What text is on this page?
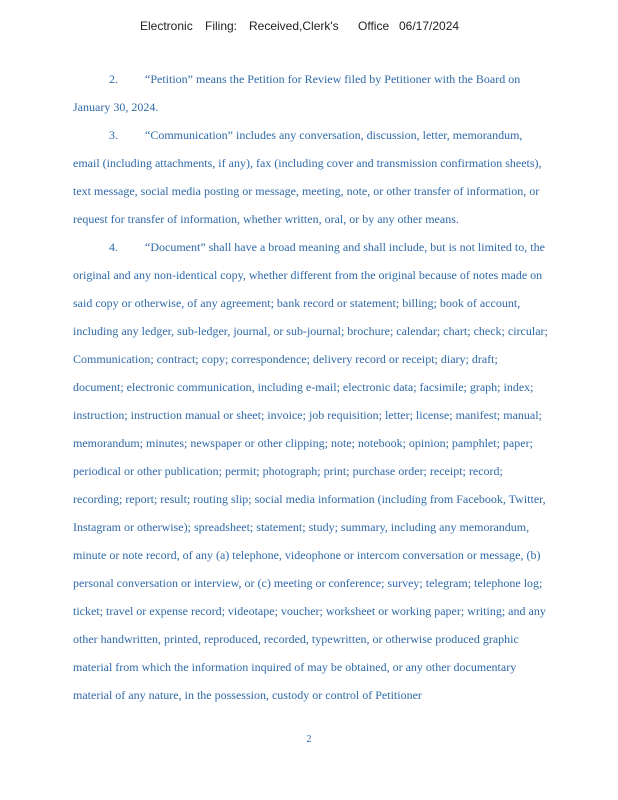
Electronic Filing: Received,Clerk's Office 06/17/2024
2. “Petition” means the Petition for Review filed by Petitioner with the Board on
January 30, 2024.
3. “Communication” includes any conversation, discussion, letter, memorandum,
email (including attachments, if any), fax (including cover and transmission confirmation sheets),
text message, social media posting or message, meeting, note, or other transfer of information, or
request for transfer of information, whether written, oral, or by any other means.
4. “Document” shall have a broad meaning and shall include, but is not limited to, the
original and any non-identical copy, whether different from the original because of notes made on
said copy or otherwise, of any agreement; bank record or statement; billing; book of account,
including any ledger, sub-ledger, journal, or sub-journal; brochure; calendar; chart; check; circular;
Communication; contract; copy; correspondence; delivery record or receipt; diary; draft;
document; electronic communication, including e-mail; electronic data; facsimile; graph; index;
instruction; instruction manual or sheet; invoice; job requisition; letter; license; manifest; manual;
memorandum; minutes; newspaper or other clipping; note; notebook; opinion; pamphlet; paper;
periodical or other publication; permit; photograph; print; purchase order; receipt; record;
recording; report; result; routing slip; social media information (including from Facebook, Twitter,
Instagram or otherwise); spreadsheet; statement; study; summary, including any memorandum,
minute or note record, of any (a) telephone, videophone or intercom conversation or message, (b)
personal conversation or interview, or (c) meeting or conference; survey; telegram; telephone log;
ticket; travel or expense record; videotape; voucher; worksheet or working paper; writing; and any
other handwritten, printed, reproduced, recorded, typewritten, or otherwise produced graphic
material from which the information inquired of may be obtained, or any other documentary
material of any nature, in the possession, custody or control of Petitioner
2
